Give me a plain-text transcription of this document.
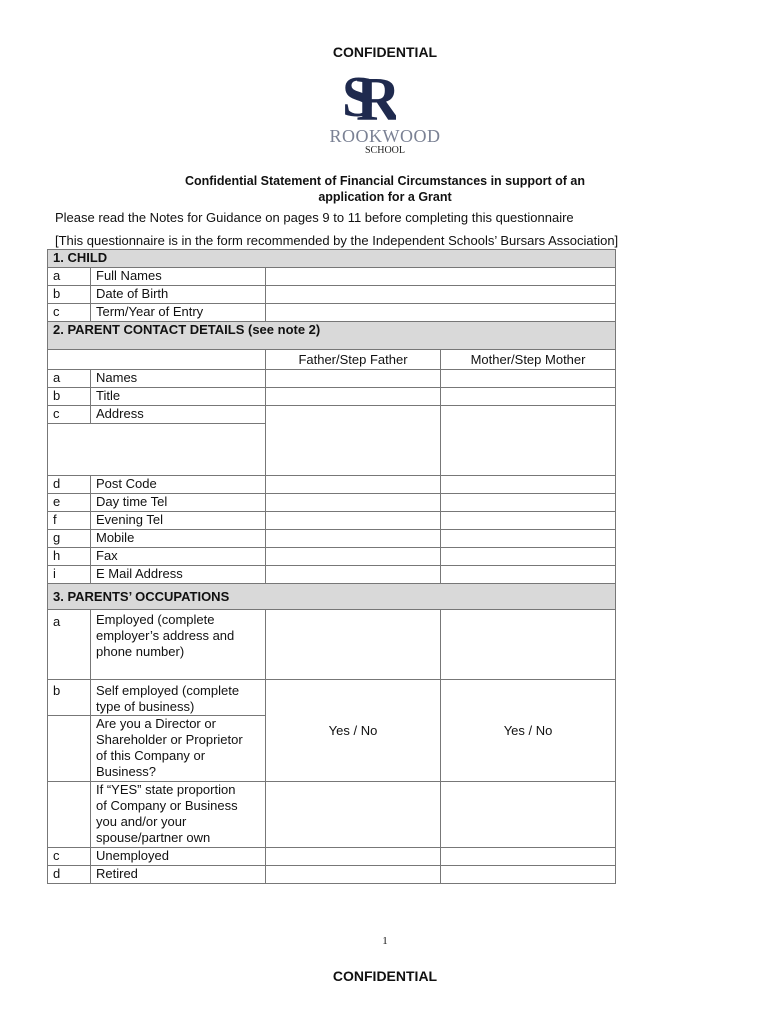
CONFIDENTIAL
S
R
ROOKWOOD
SCHOOL
Confidential Statement of Financial Circumstances in support of an
application for a Grant
Please read the Notes for Guidance on pages 9 to 11 before completing this questionnaire
[This questionnaire is in the form recommended by the Independent Schools’ Bursars Association]
1. CHILD			
a	Full Names		
b	Date of Birth		
c	Term/Year of Entry		
2. PARENT CONTACT DETAILS (see note 2)			
		Father/Step Father	Mother/Step Mother
a	Names		
b	Title		
c	Address		

d	Post Code		
e	Day time Tel		
f	Evening Tel		
g	Mobile		
h	Fax		
i	E Mail Address		
3. PARENTS’ OCCUPATIONS			
a	Employed (complete
employer’s address and
phone number)		

b	Self employed (complete
type of business)	Yes / No	Yes / No

	Are you a Director or
Shareholder or Proprietor
of this Company or
Business?		

	If “YES” state proportion
of Company or Business
you and/or your
spouse/partner own		

c	Unemployed		
d	Retired		
1
CONFIDENTIAL
